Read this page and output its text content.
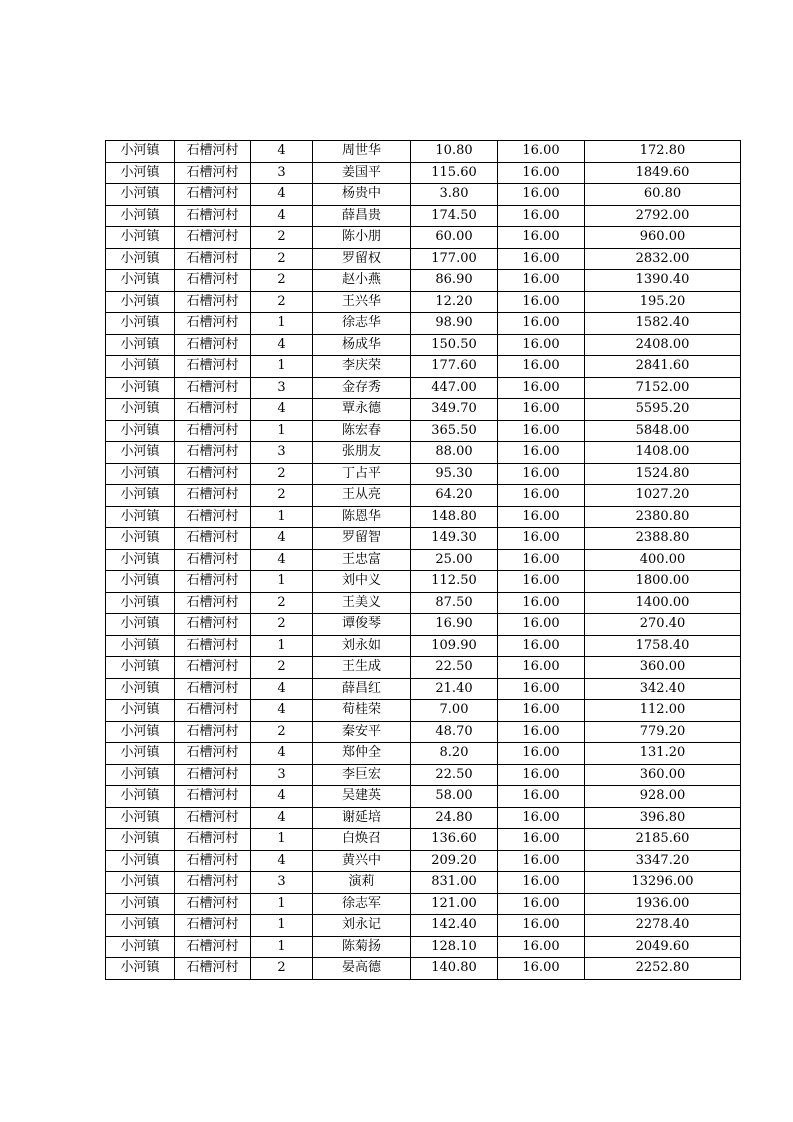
小河镇	石槽河村	4	周世华	10.80	16.00	172.80
小河镇	石槽河村	3	姜国平	115.60	16.00	1849.60
小河镇	石槽河村	4	杨贵中	3.80	16.00	60.80
小河镇	石槽河村	4	薛昌贵	174.50	16.00	2792.00
小河镇	石槽河村	2	陈小朋	60.00	16.00	960.00
小河镇	石槽河村	2	罗留权	177.00	16.00	2832.00
小河镇	石槽河村	2	赵小燕	86.90	16.00	1390.40
小河镇	石槽河村	2	王兴华	12.20	16.00	195.20
小河镇	石槽河村	1	徐志华	98.90	16.00	1582.40
小河镇	石槽河村	4	杨成华	150.50	16.00	2408.00
小河镇	石槽河村	1	李庆荣	177.60	16.00	2841.60
小河镇	石槽河村	3	金存秀	447.00	16.00	7152.00
小河镇	石槽河村	4	覃永德	349.70	16.00	5595.20
小河镇	石槽河村	1	陈宏春	365.50	16.00	5848.00
小河镇	石槽河村	3	张朋友	88.00	16.00	1408.00
小河镇	石槽河村	2	丁占平	95.30	16.00	1524.80
小河镇	石槽河村	2	王从亮	64.20	16.00	1027.20
小河镇	石槽河村	1	陈恩华	148.80	16.00	2380.80
小河镇	石槽河村	4	罗留智	149.30	16.00	2388.80
小河镇	石槽河村	4	王忠富	25.00	16.00	400.00
小河镇	石槽河村	1	刘中义	112.50	16.00	1800.00
小河镇	石槽河村	2	王美义	87.50	16.00	1400.00
小河镇	石槽河村	2	谭俊琴	16.90	16.00	270.40
小河镇	石槽河村	1	刘永如	109.90	16.00	1758.40
小河镇	石槽河村	2	王生成	22.50	16.00	360.00
小河镇	石槽河村	4	薛昌红	21.40	16.00	342.40
小河镇	石槽河村	4	荀桂荣	7.00	16.00	112.00
小河镇	石槽河村	2	秦安平	48.70	16.00	779.20
小河镇	石槽河村	4	郑仲全	8.20	16.00	131.20
小河镇	石槽河村	3	李巨宏	22.50	16.00	360.00
小河镇	石槽河村	4	吴建英	58.00	16.00	928.00
小河镇	石槽河村	4	谢延培	24.80	16.00	396.80
小河镇	石槽河村	1	白焕召	136.60	16.00	2185.60
小河镇	石槽河村	4	黄兴中	209.20	16.00	3347.20
小河镇	石槽河村	3	演莉	831.00	16.00	13296.00
小河镇	石槽河村	1	徐志军	121.00	16.00	1936.00
小河镇	石槽河村	1	刘永记	142.40	16.00	2278.40
小河镇	石槽河村	1	陈菊扬	128.10	16.00	2049.60
小河镇	石槽河村	2	晏高德	140.80	16.00	2252.80
